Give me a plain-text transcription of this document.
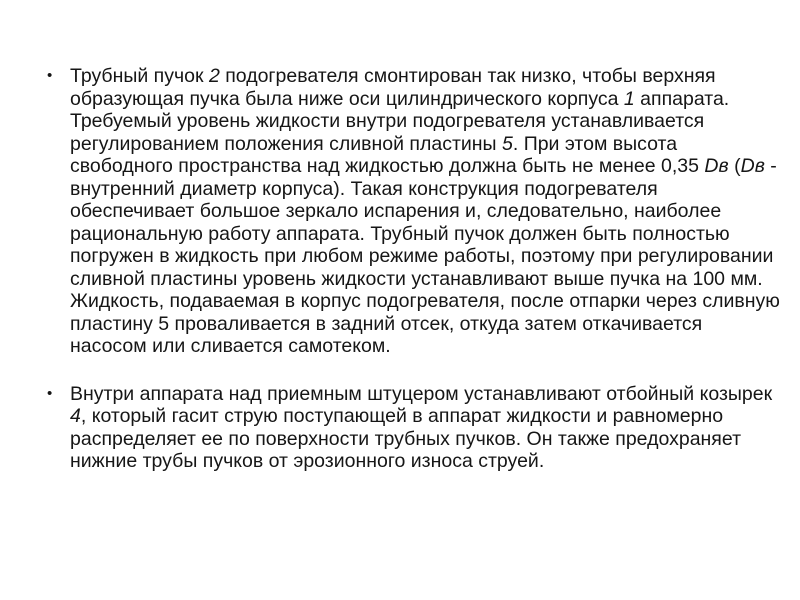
• Трубный пучок 2 подогревателя смонтирован так низко, чтобы верхняя образующая пучка была ниже оси цилиндрического корпуса 1 аппарата. Требуемый уровень жидкости внутри подогревателя устанавливается регулированием положения сливной пластины 5. При этом высота свободного пространства над жидкостью должна быть не менее 0,35 Dв (Dв - внутренний диаметр корпуса). Такая конструкция подогревателя обеспечивает большое зеркало испарения и, следовательно, наиболее рациональную работу аппарата. Трубный пучок должен быть полностью погружен в жидкость при любом режиме работы, поэтому при регулировании сливной пластины уровень жидкости устанавливают выше пучка на 100 мм. Жидкость, подаваемая в корпус подогревателя, после отпарки через сливную пластину 5 проваливается в задний отсек, откуда затем откачивается насосом или сливается самотеком.
• Внутри аппарата над приемным штуцером устанавливают отбойный козырек 4, который гасит струю поступающей в аппарат жидкости и равномерно распределяет ее по поверхности трубных пучков. Он также предохраняет нижние трубы пучков от эрозионного износа струей.
